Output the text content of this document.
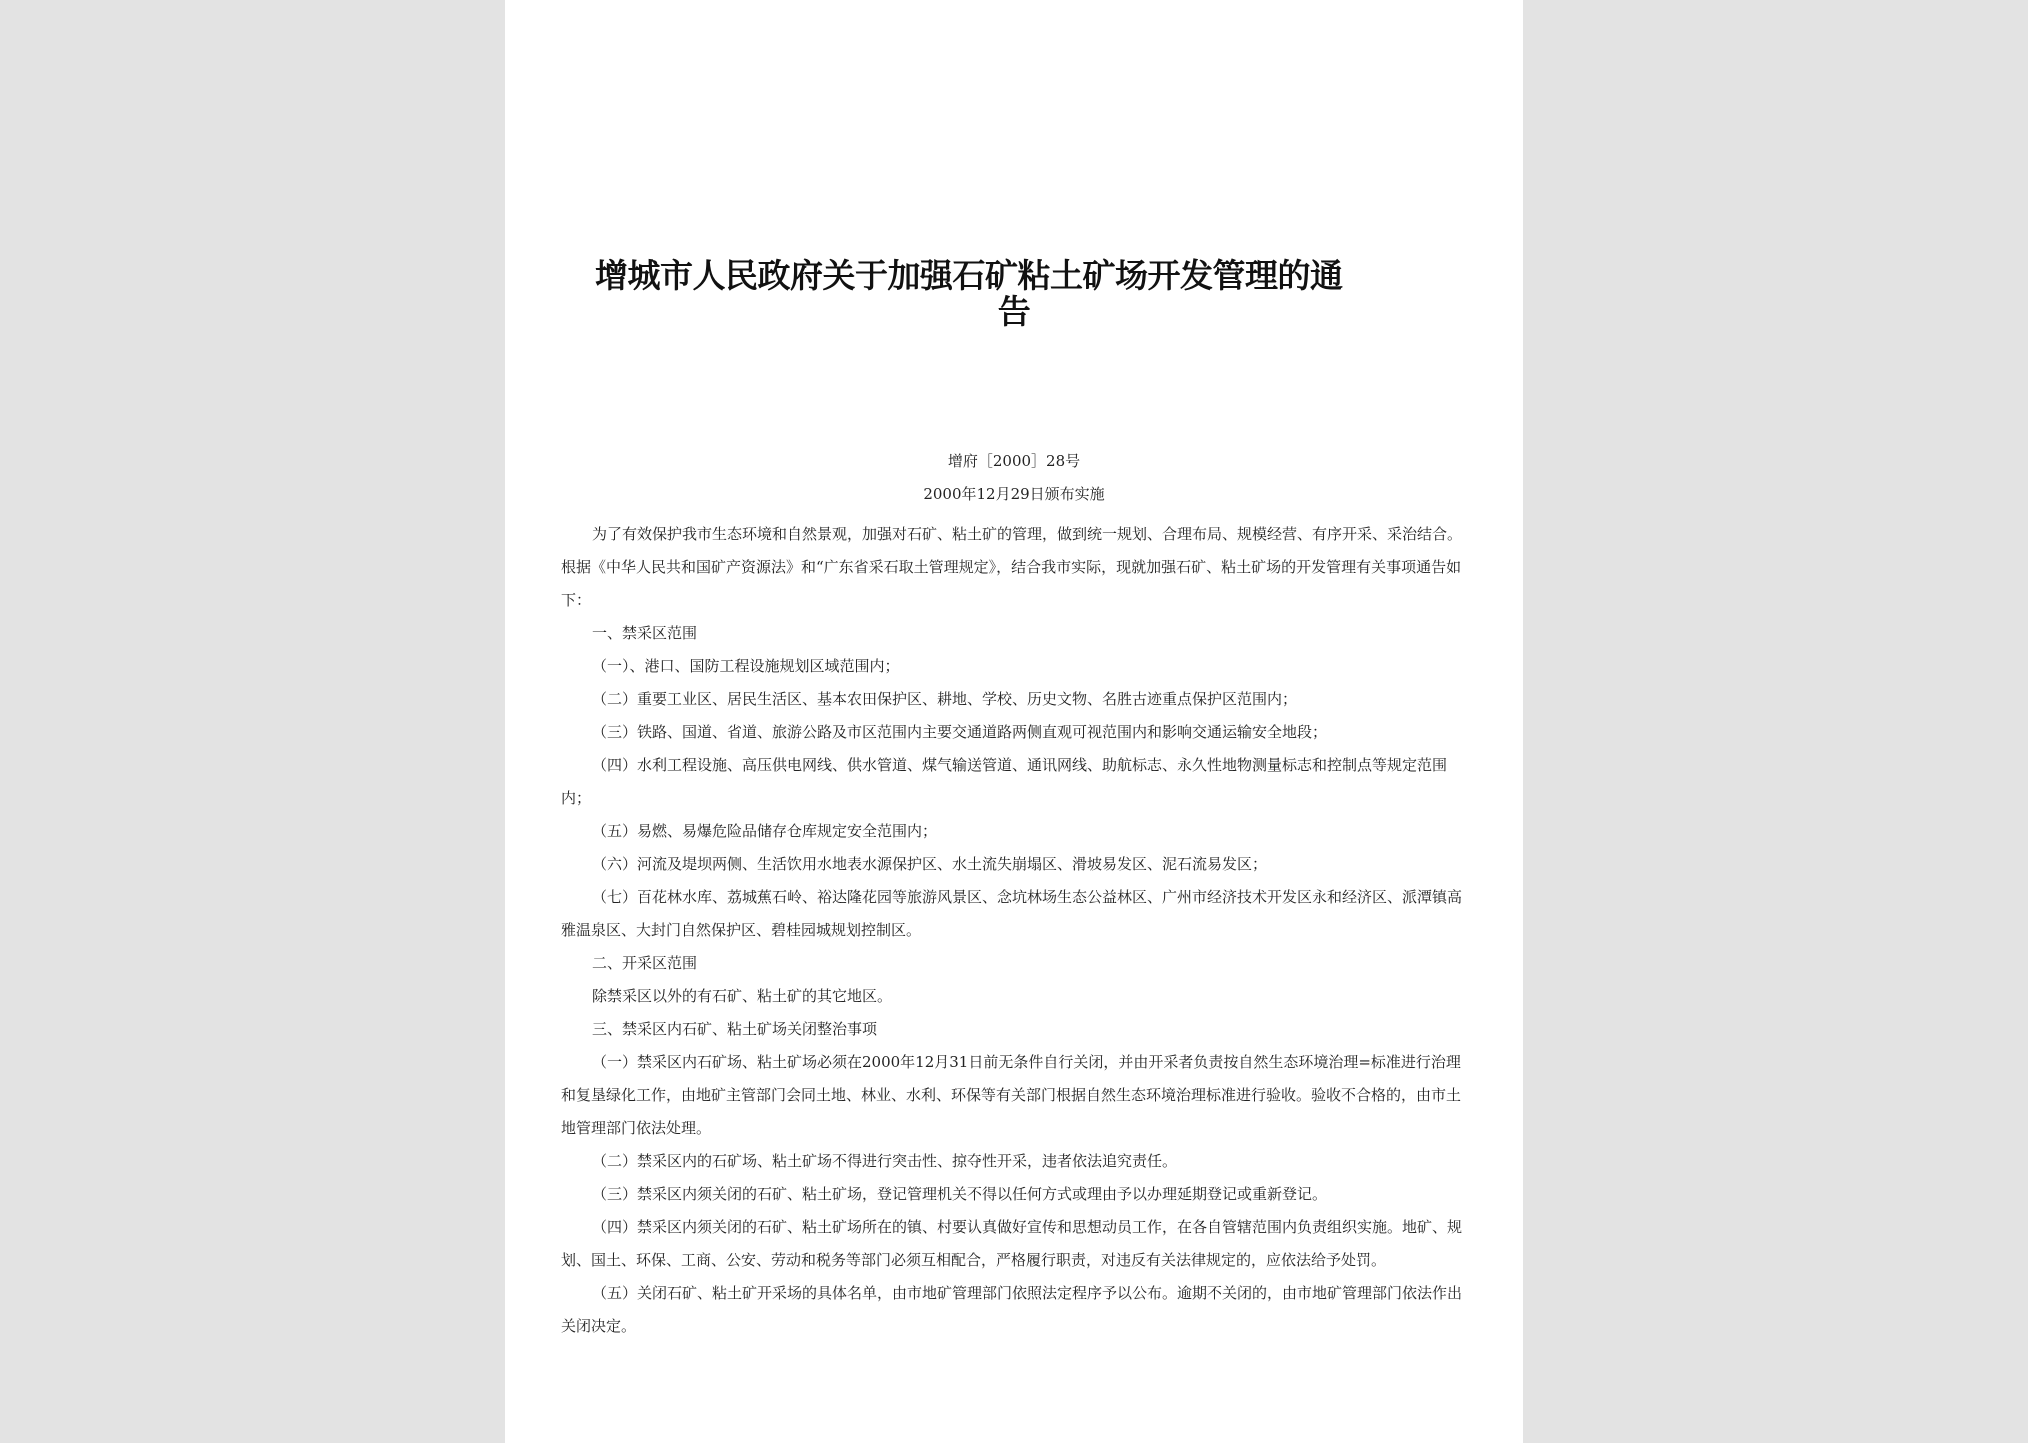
增城市人民政府关于加强石矿粘土矿场开发管理的通
告
增府［2000］28号
2000年12月29日颁布实施

为了有效保护我市生态环境和自然景观，加强对石矿、粘土矿的管理，做到统一规划、合理布局、规模经营、有序开采、采治结合。根据《中华人民共和国矿产资源法》和“广东省采石取土管理规定》，结合我市实际，现就加强石矿、粘土矿场的开发管理有关事项通告如下：

一、禁采区范围

（一）、港口、国防工程设施规划区域范围内；

（二）重要工业区、居民生活区、基本农田保护区、耕地、学校、历史文物、名胜古迹重点保护区范围内；

（三）铁路、国道、省道、旅游公路及市区范围内主要交通道路两侧直观可视范围内和影响交通运输安全地段；

（四）水利工程设施、高压供电网线、供水管道、煤气输送管道、通讯网线、助航标志、永久性地物测量标志和控制点等规定范围内；

（五）易燃、易爆危险品储存仓库规定安全范围内；

（六）河流及堤坝两侧、生活饮用水地表水源保护区、水土流失崩塌区、滑坡易发区、泥石流易发区；

（七）百花林水库、荔城蕉石岭、裕达隆花园等旅游风景区、念坑林场生态公益林区、广州市经济技术开发区永和经济区、派潭镇高雅温泉区、大封门自然保护区、碧桂园城规划控制区。

二、开采区范围

除禁采区以外的有石矿、粘土矿的其它地区。

三、禁采区内石矿、粘土矿场关闭整治事项

（一）禁采区内石矿场、粘土矿场必须在2000年12月31日前无条件自行关闭，并由开采者负责按自然生态环境治理=标准进行治理和复垦绿化工作，由地矿主管部门会同土地、林业、水利、环保等有关部门根据自然生态环境治理标准进行验收。验收不合格的，由市土地管理部门依法处理。

（二）禁采区内的石矿场、粘土矿场不得进行突击性、掠夺性开采，违者依法追究责任。

（三）禁采区内须关闭的石矿、粘土矿场，登记管理机关不得以任何方式或理由予以办理延期登记或重新登记。

（四）禁采区内须关闭的石矿、粘土矿场所在的镇、村要认真做好宣传和思想动员工作，在各自管辖范围内负责组织实施。地矿、规划、国土、环保、工商、公安、劳动和税务等部门必须互相配合，严格履行职责，对违反有关法律规定的，应依法给予处罚。

（五）关闭石矿、粘土矿开采场的具体名单，由市地矿管理部门依照法定程序予以公布。逾期不关闭的，由市地矿管理部门依法作出关闭决定。
